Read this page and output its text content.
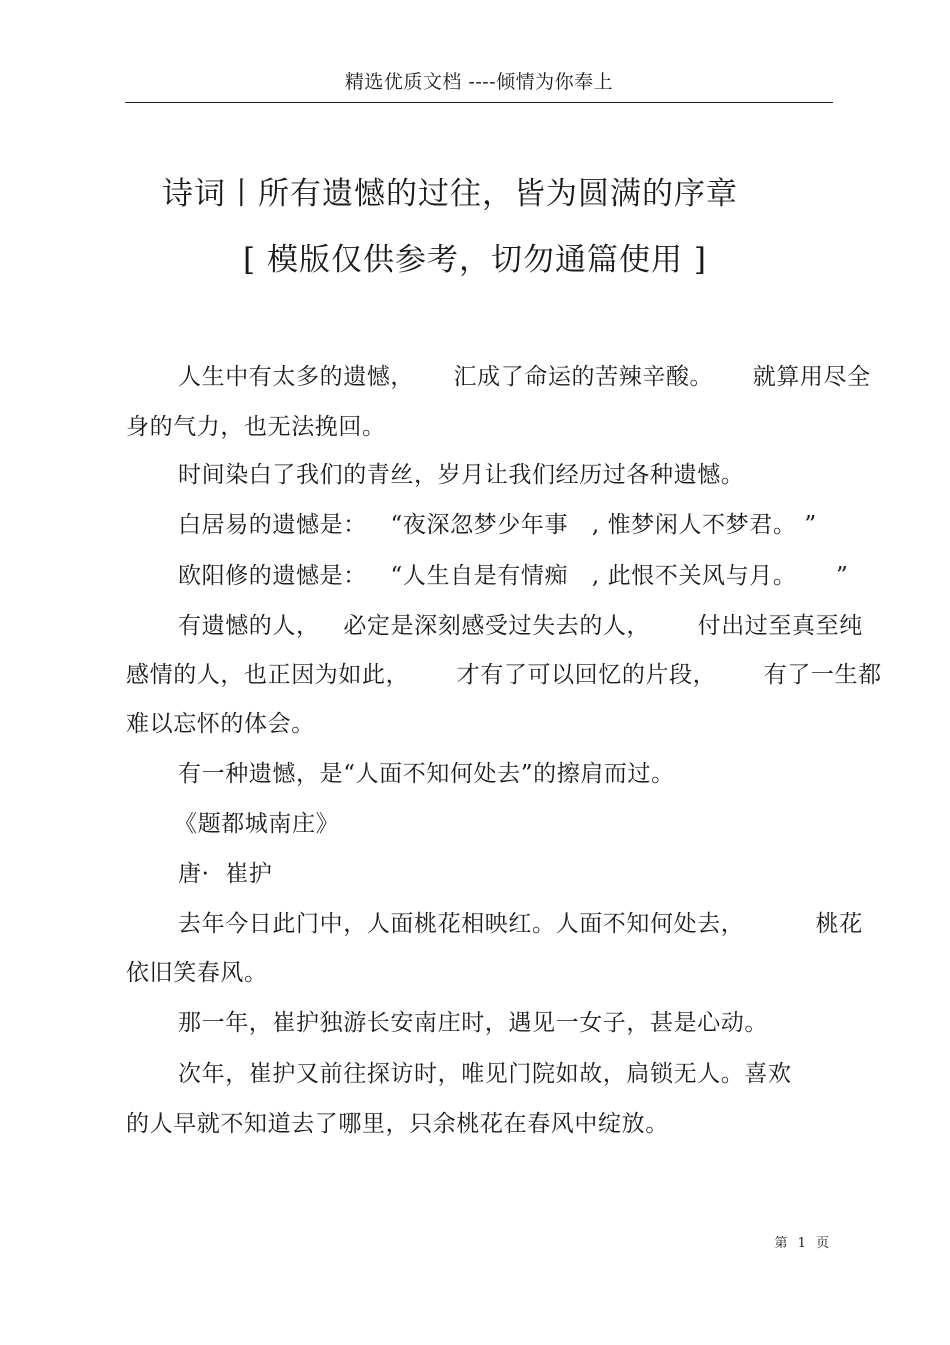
精选优质文档 ----倾情为你奉上
诗词丨所有遗憾的过往，皆为圆满的序章
[ 模版仅供参考，切勿通篇使用 ]

人生中有太多的遗憾，     汇成了命运的苦辣辛酸。     就算用尽全

身的气力，也无法挽回。

时间染白了我们的青丝，岁月让我们经历过各种遗憾。

白居易的遗憾是：   “夜深忽梦少年事   , 惟梦闲人不梦君。 ”

欧阳修的遗憾是：   “人生自是有情痴   , 此恨不关风与月。     ”

有遗憾的人，   必定是深刻感受过失去的人，      付出过至真至纯

感情的人，也正因为如此，      才有了可以回忆的片段，      有了一生都

难以忘怀的体会。

有一种遗憾，是“人面不知何处去”的擦肩而过。

《题都城南庄》

唐·  崔护

去年今日此门中，人面桃花相映红。人面不知何处去，         桃花

依旧笑春风。

那一年，崔护独游长安南庄时，遇见一女子，甚是心动。

次年，崔护又前往探访时，唯见门院如故，扃锁无人。喜欢

的人早就不知道去了哪里，只余桃花在春风中绽放。

第 1 页
